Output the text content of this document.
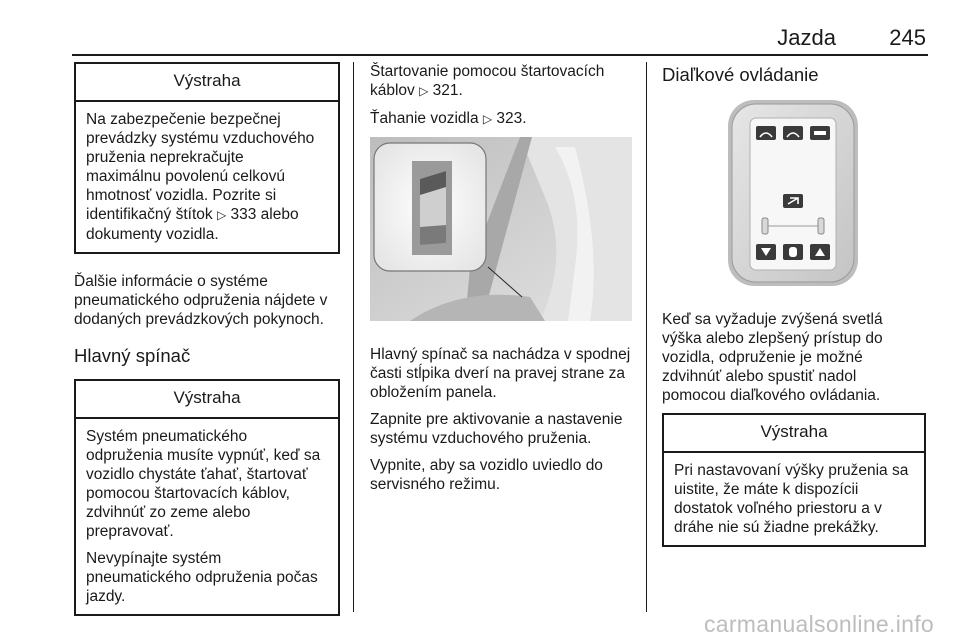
Jazda 245
Výstraha

Na zabezpečenie bezpečnej
prevádzky systému vzduchového
pruženia neprekračujte
maximálnu povolenú celkovú
hmotnosť vozidla. Pozrite si
identifikačný štítok ▷ 333 alebo
dokumenty vozidla.

Ďalšie informácie o systéme
pneumatického odpruženia nájdete v
dodaných prevádzkových pokynoch.

Hlavný spínač
Výstraha

Systém pneumatického
odpruženia musíte vypnúť, keď sa
vozidlo chystáte ťahať, štartovať
pomocou štartovacích káblov,
zdvihnúť zo zeme alebo
prepravovať.

Nevypínajte systém
pneumatického odpruženia počas
jazdy.

Štartovanie pomocou štartovacích
káblov ▷ 321.

Ťahanie vozidla ▷ 323.

Hlavný spínač sa nachádza v spodnej
časti stĺpika dverí na pravej strane za
obložením panela.

Zapnite pre aktivovanie a nastavenie
systému vzduchového pruženia.

Vypnite, aby sa vozidlo uviedlo do
servisného režimu.

Diaľkové ovládanie

Keď sa vyžaduje zvýšená svetlá
výška alebo zlepšený prístup do
vozidla, odpruženie je možné
zdvihnúť alebo spustiť nadol
pomocou diaľkového ovládania.

Výstraha

Pri nastavovaní výšky pruženia sa
uistite, že máte k dispozícii
dostatok voľného priestoru a v
dráhe nie sú žiadne prekážky.

carmanualsonline.info
